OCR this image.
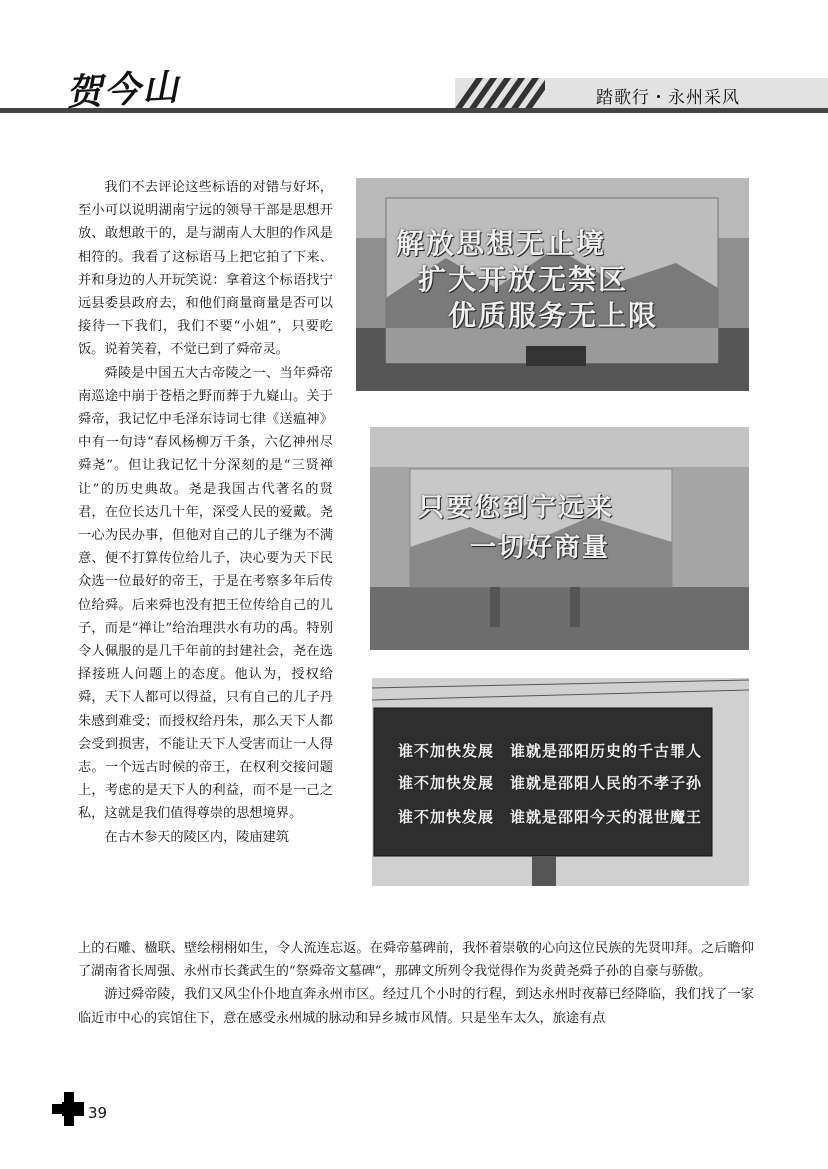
贺今山	踏歌行・永州采风

我们不去评论这些标语的对错与好坏，至小可以说明湖南宁远的领导干部是思想开放、敢想敢干的，是与湖南人大胆的作风是相符的。我看了这标语马上把它拍了下来、并和身边的人开玩笑说：拿着这个标语找宁远县委县政府去，和他们商量商量是否可以接待一下我们，我们不要“小姐”，只要吃饭。说着笑着，不觉已到了舜帝灵。

舜陵是中国五大古帝陵之一、当年舜帝南巡途中崩于苍梧之野而葬于九嶷山。关于舜帝，我记忆中毛泽东诗词七律《送瘟神》中有一句诗“春风杨柳万千条，六亿神州尽舜尧”。但让我记忆十分深刻的是“三贤禅让”的历史典故。尧是我国古代著名的贤君，在位长达几十年，深受人民的爱戴。尧一心为民办事，但他对自己的儿子继为不满意、便不打算传位给儿子，决心要为天下民众选一位最好的帝王，于是在考察多年后传位给舜。后来舜也没有把王位传给自己的儿子，而是“禅让”给治理洪水有功的禹。特别令人佩服的是几千年前的封建社会，尧在选择接班人问题上的态度。他认为，授权给舜，天下人都可以得益，只有自己的儿子丹朱感到难受；而授权给丹朱，那么天下人都会受到损害，不能让天下人受害而让一人得志。一个远古时候的帝王，在权利交接问题上，考虑的是天下人的利益，而不是一己之私，这就是我们值得尊崇的思想境界。

在古木参天的陵区内，陵庙建筑

上的石雕、楹联、壁绘栩栩如生，令人流连忘返。在舜帝墓碑前，我怀着崇敬的心向这位民族的先贤叩拜。之后瞻仰了湖南省长周强、永州市长龚武生的“祭舜帝文墓碑”，那碑文所列令我觉得作为炎黄尧舜子孙的自豪与骄傲。

游过舜帝陵，我们又风尘仆仆地直奔永州市区。经过几个小时的行程，到达永州时夜幕已经降临，我们找了一家临近市中心的宾馆住下，意在感受永州城的脉动和异乡城市风情。只是坐车太久，旅途有点

解放思想无止境
扩大开放无禁区
优质服务无上限
只要您到宁远来
一切好商量
谁不加快发展　谁就是邵阳历史的千古罪人
谁不加快发展　谁就是邵阳人民的不孝子孙
谁不加快发展　谁就是邵阳今天的混世魔王
39
